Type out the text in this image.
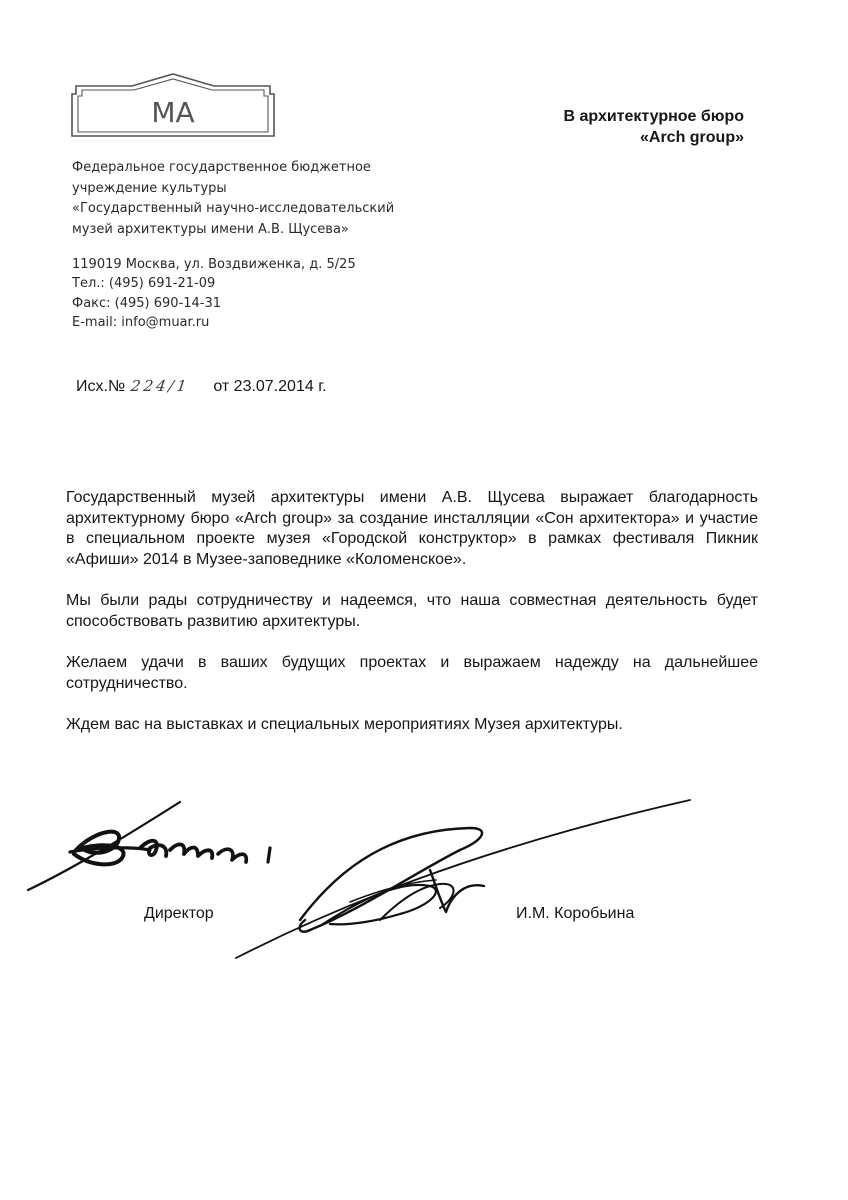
МА	В архитектурное бюро
«Arch group»
Федеральное государственное бюджетное
учреждение культуры
«Государственный научно-исследовательский
музей архитектуры имени А.В. Щусева»
119019 Москва, ул. Воздвиженка, д. 5/25
Тел.: (495) 691-21-09
Факс: (495) 690-14-31
E-mail: info@muar.ru
Исх.№ 224/1 от 23.07.2014 г.

Государственный музей архитектуры имени А.В. Щусева выражает благодарность архитектурному бюро «Arch group» за создание инсталляции «Сон архитектора» и участие в специальном проекте музея «Городской конструктор» в рамках фестиваля Пикник «Афиши» 2014 в Музее-заповеднике «Коломенское».

Мы были рады сотрудничеству и надеемся, что наша совместная деятельность будет способствовать развитию архитектуры.

Желаем удачи в ваших будущих проектах и выражаем надежду на дальнейшее сотрудничество.

Ждем вас на выставках и специальных мероприятиях Музея архитектуры.

Директор	И.М. Коробьина
